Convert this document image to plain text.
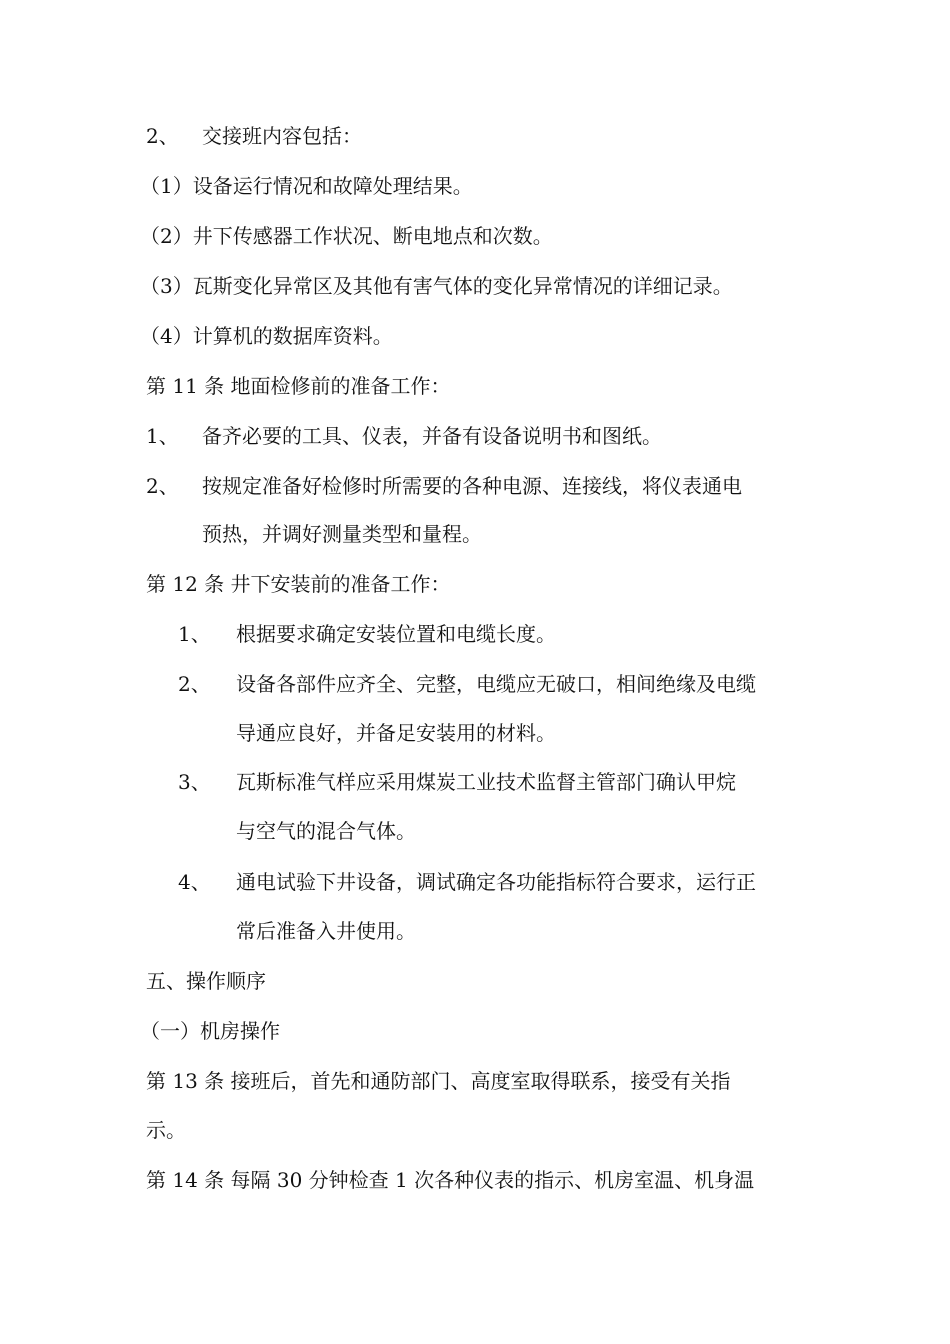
2、 交接班内容包括：
（1）设备运行情况和故障处理结果。
（2）井下传感器工作状况、断电地点和次数。
（3）瓦斯变化异常区及其他有害气体的变化异常情况的详细记录。
（4）计算机的数据库资料。
第 11 条 地面检修前的准备工作：
1、 备齐必要的工具、仪表，并备有设备说明书和图纸。
2、 按规定准备好检修时所需要的各种电源、连接线，将仪表通电
预热，并调好测量类型和量程。
第 12 条 井下安装前的准备工作：
1、 根据要求确定安装位置和电缆长度。
2、 设备各部件应齐全、完整，电缆应无破口，相间绝缘及电缆
导通应良好，并备足安装用的材料。
3、 瓦斯标准气样应采用煤炭工业技术监督主管部门确认甲烷
与空气的混合气体。
4、 通电试验下井设备，调试确定各功能指标符合要求，运行正
常后准备入井使用。
五、操作顺序
（一）机房操作
第 13 条 接班后，首先和通防部门、高度室取得联系，接受有关指
示。
第 14 条 每隔 30 分钟检查 1 次各种仪表的指示、机房室温、机身温
